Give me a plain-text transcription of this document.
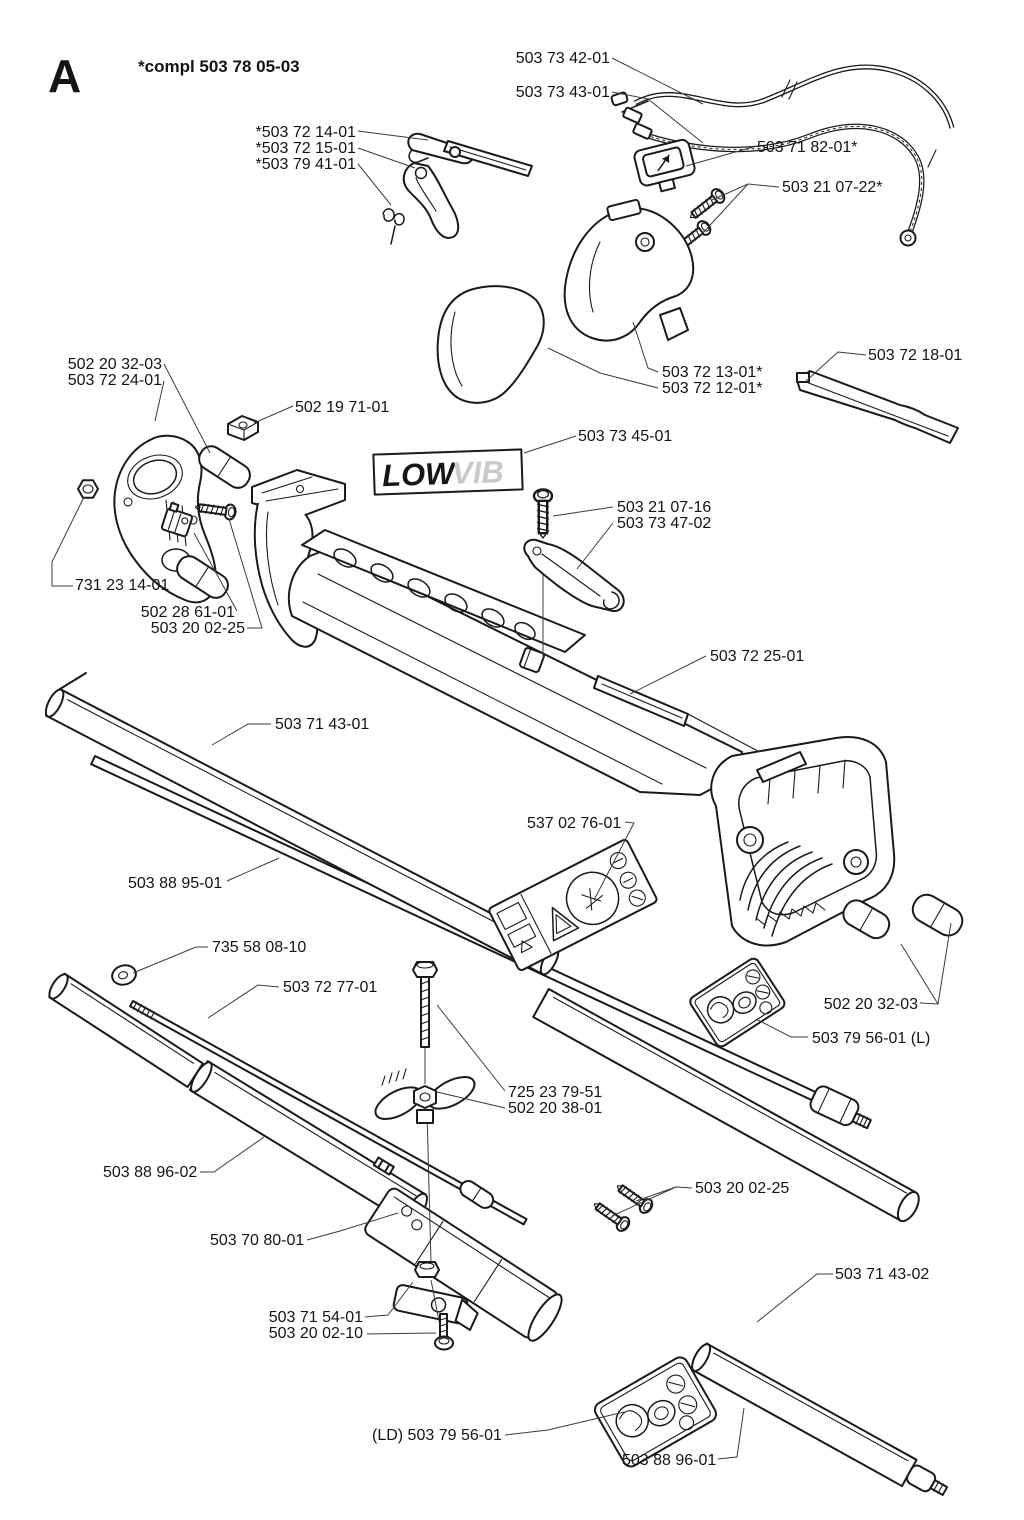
LOW
VIB
A	*compl 503 78 05-03	503 73 42-01
503 73 43-01
*503 72 14-01
*503 72 15-01
*503 79 41-01
503 71 82-01*
503 21 07-22*
503 72 13-01*
503 72 12-01*
503 72 18-01
502 20 32-03
503 72 24-01
502 19 71-01
503 73 45-01
503 21 07-16
503 73 47-02
731 23 14-01
502 28 61-01
503 20 02-25
503 72 25-01
503 71 43-01
537 02 76-01
503 88 95-01
735 58 08-10
503 72 77-01
502 20 32-03
503 79 56-01 (L)
725 23 79-51
502 20 38-01
503 88 96-02
503 20 02-25
503 70 80-01
503 71 43-02
503 71 54-01
503 20 02-10
(LD) 503 79 56-01
503 88 96-01
